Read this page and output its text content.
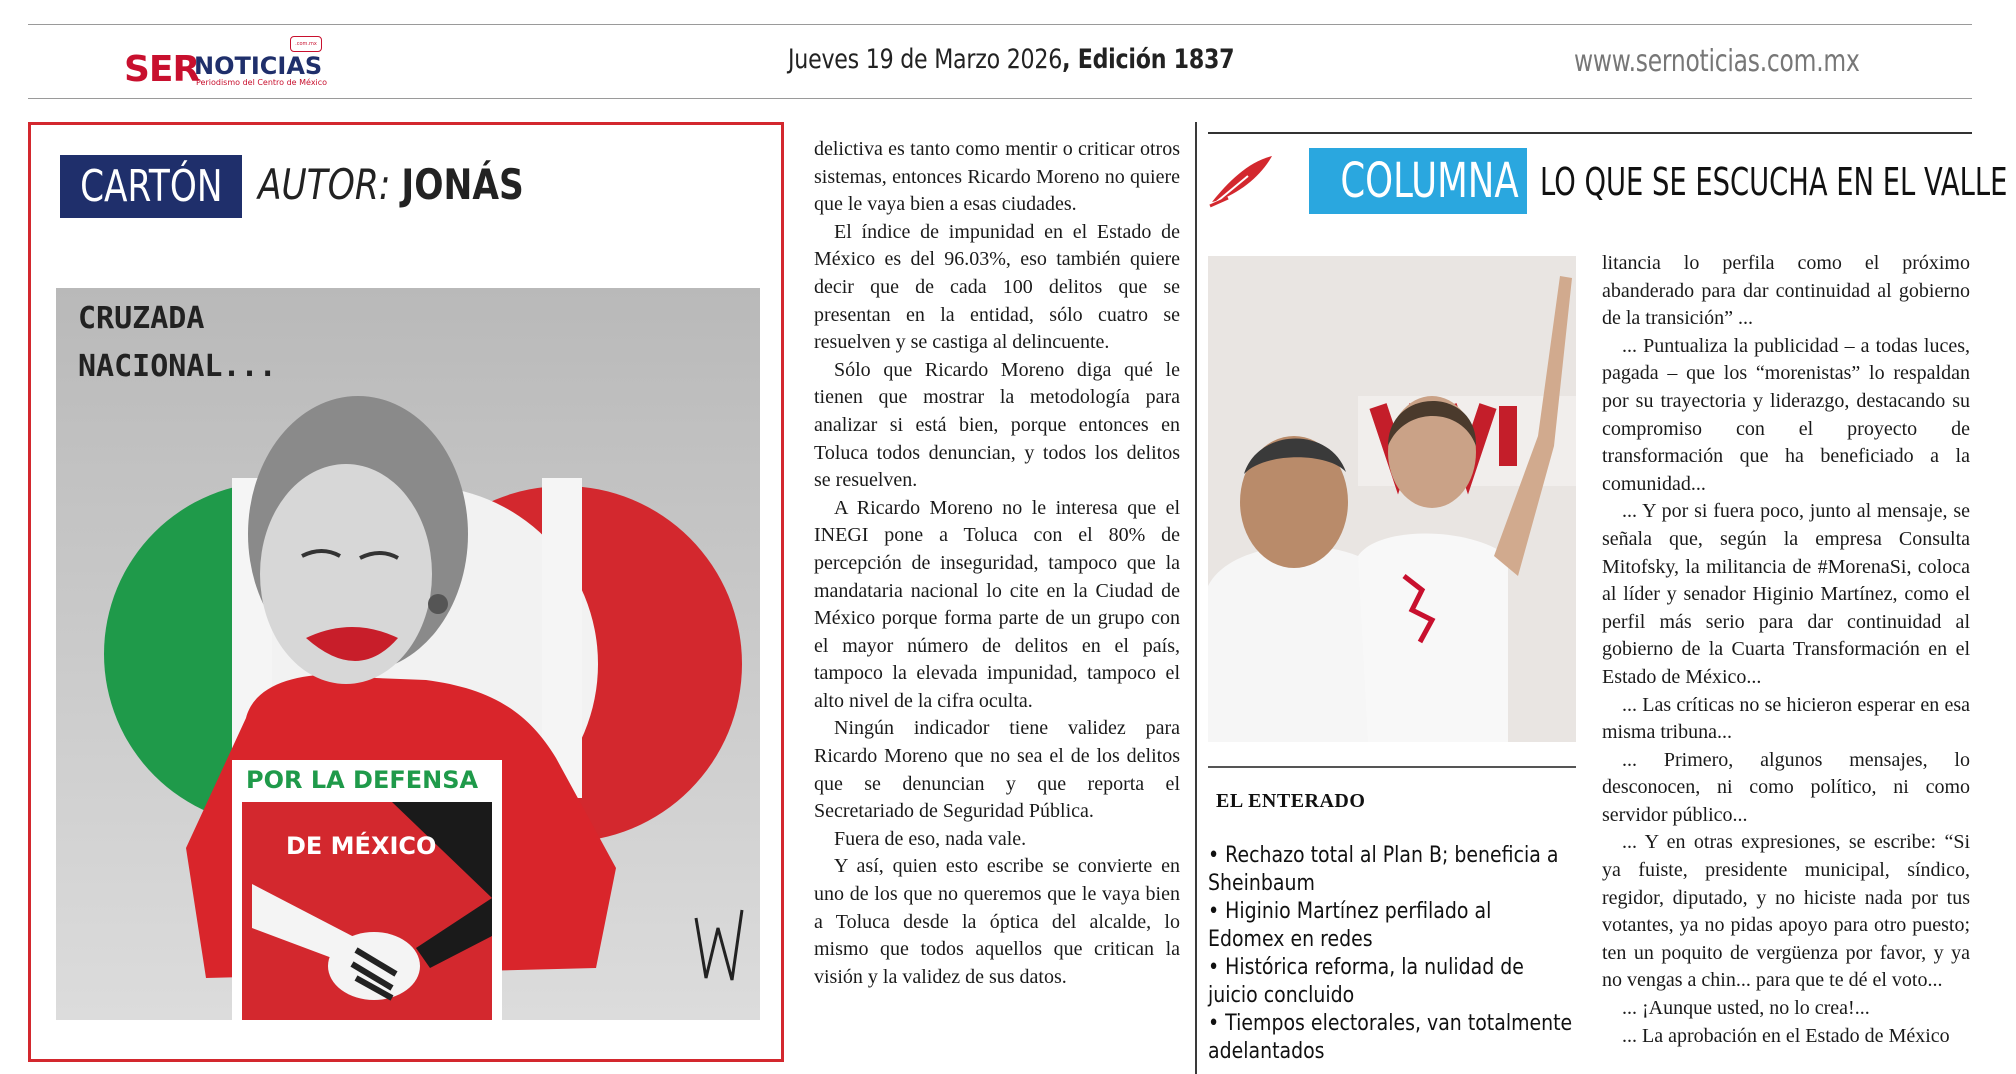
SER
NOTICIAS
.com.mx
Periodismo del Centro de México
Jueves 19 de Marzo 2026, Edición 1837	www.sernoticias.com.mx
CARTÓN AUTOR: JONÁS
CRUZADA
NACIONAL...
POR LA DEFENSA
DE MÉXICO

delictiva es tanto como mentir o criticar otros sistemas, entonces Ricardo Moreno no quiere que le vaya bien a esas ciudades.

El índice de impunidad en el Estado de México es del 96.03%, eso también quiere decir que de cada 100 delitos que se presentan en la entidad, sólo cuatro se resuelven y se castiga al delincuente.

Sólo que Ricardo Moreno diga qué le tienen que mostrar la metodología para analizar si está bien, porque entonces en Toluca todos denuncian, y todos los delitos se resuelven.

A Ricardo Moreno no le interesa que el INEGI pone a Toluca con el 80% de percepción de inseguridad, tampoco que la mandataria nacional lo cite en la Ciudad de México porque forma parte de un grupo con el mayor número de delitos en el país, tampoco la elevada impunidad, tampoco el alto nivel de la cifra oculta.

Ningún indicador tiene validez para Ricardo Moreno que no sea el de los delitos que se denuncian y que reporta el Secretariado de Seguridad Pública.

Fuera de eso, nada vale.

Y así, quien esto escribe se convierte en uno de los que no queremos que le vaya bien a Toluca desde la óptica del alcalde, lo mismo que todos aquellos que critican la visión y la validez de sus datos.

COLUMNA LO QUE SE ESCUCHA EN EL VALLE
EL ENTERADO
• Rechazo total al Plan B; beneficia a Sheinbaum
• Higinio Martínez perfilado al Edomex en redes
• Histórica reforma, la nulidad de juicio concluido
• Tiempos electorales, van totalmente adelantados

litancia lo perfila como el próximo abanderado para dar continuidad al gobierno de la transición” ...

... Puntualiza la publicidad – a todas luces, pagada – que los “morenistas” lo respaldan por su trayectoria y liderazgo, destacando su compromiso con el proyecto de transformación que ha beneficiado a la comunidad...

... Y por si fuera poco, junto al mensaje, se señala que, según la empresa Consulta Mitofsky, la militancia de #MorenaSi, coloca al líder y senador Higinio Martínez, como el perfil más serio para dar continuidad al gobierno de la Cuarta Transformación en el Estado de México...

... Las críticas no se hicieron esperar en esa misma tribuna...

... Primero, algunos mensajes, lo desconocen, ni como político, ni como servidor público...

... Y en otras expresiones, se escribe: “Si ya fuiste, presidente municipal, síndico, regidor, diputado, y no hiciste nada por tus votantes, ya no pidas apoyo para otro puesto; ten un poquito de vergüenza por favor, y ya no vengas a chin... para que te dé el voto...

... ¡Aunque usted, no lo crea!...

... La aprobación en el Estado de México
